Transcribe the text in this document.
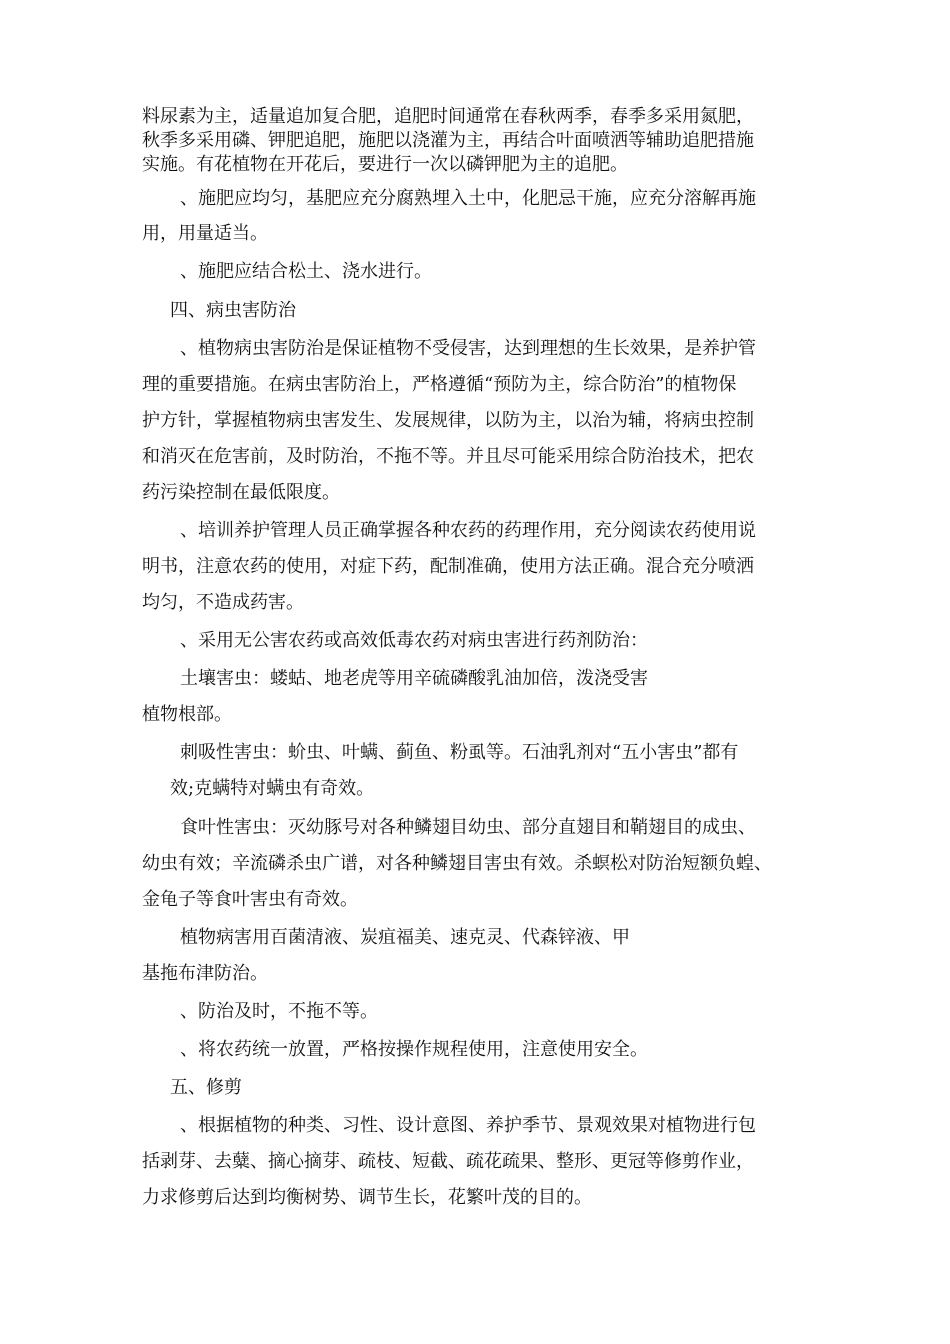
料尿素为主，适量追加复合肥，追肥时间通常在春秋两季，春季多采用氮肥，
秋季多采用磷、钾肥追肥，施肥以浇灌为主，再结合叶面喷洒等辅助追肥措施
实施。有花植物在开花后，要进行一次以磷钾肥为主的追肥。
、施肥应均匀，基肥应充分腐熟埋入土中，化肥忌干施，应充分溶解再施
用，用量适当。
、施肥应结合松土、浇水进行。
四、病虫害防治
、植物病虫害防治是保证植物不受侵害，达到理想的生长效果，是养护管
理的重要措施。在病虫害防治上，严格遵循“预防为主，综合防治”的植物保
护方针，掌握植物病虫害发生、发展规律，以防为主，以治为辅，将病虫控制
和消灭在危害前，及时防治，不拖不等。并且尽可能采用综合防治技术，把农
药污染控制在最低限度。
、培训养护管理人员正确掌握各种农药的药理作用，充分阅读农药使用说
明书，注意农药的使用，对症下药，配制准确，使用方法正确。混合充分喷洒
均匀，不造成药害。
、采用无公害农药或高效低毒农药对病虫害进行药剂防治：
土壤害虫：蝼蛄、地老虎等用辛硫磷酸乳油加倍，泼浇受害
植物根部。
刺吸性害虫：蚧虫、叶螨、蓟鱼、粉虱等。石油乳剂对“五小害虫”都有
效;克螨特对螨虫有奇效。
食叶性害虫：灭幼豚号对各种鳞翅目幼虫、部分直翅目和鞘翅目的成虫、
幼虫有效；辛流磷杀虫广谱，对各种鳞翅目害虫有效。杀螟松对防治短额负蝗、
金龟子等食叶害虫有奇效。
植物病害用百菌清液、炭疽福美、速克灵、代森锌液、甲
基拖布津防治。
、防治及时，不拖不等。
、将农药统一放置，严格按操作规程使用，注意使用安全。
五、修剪
、根据植物的种类、习性、设计意图、养护季节、景观效果对植物进行包
括剥芽、去糵、摘心摘芽、疏枝、短截、疏花疏果、整形、更冠等修剪作业，
力求修剪后达到均衡树势、调节生长，花繁叶茂的目的。
